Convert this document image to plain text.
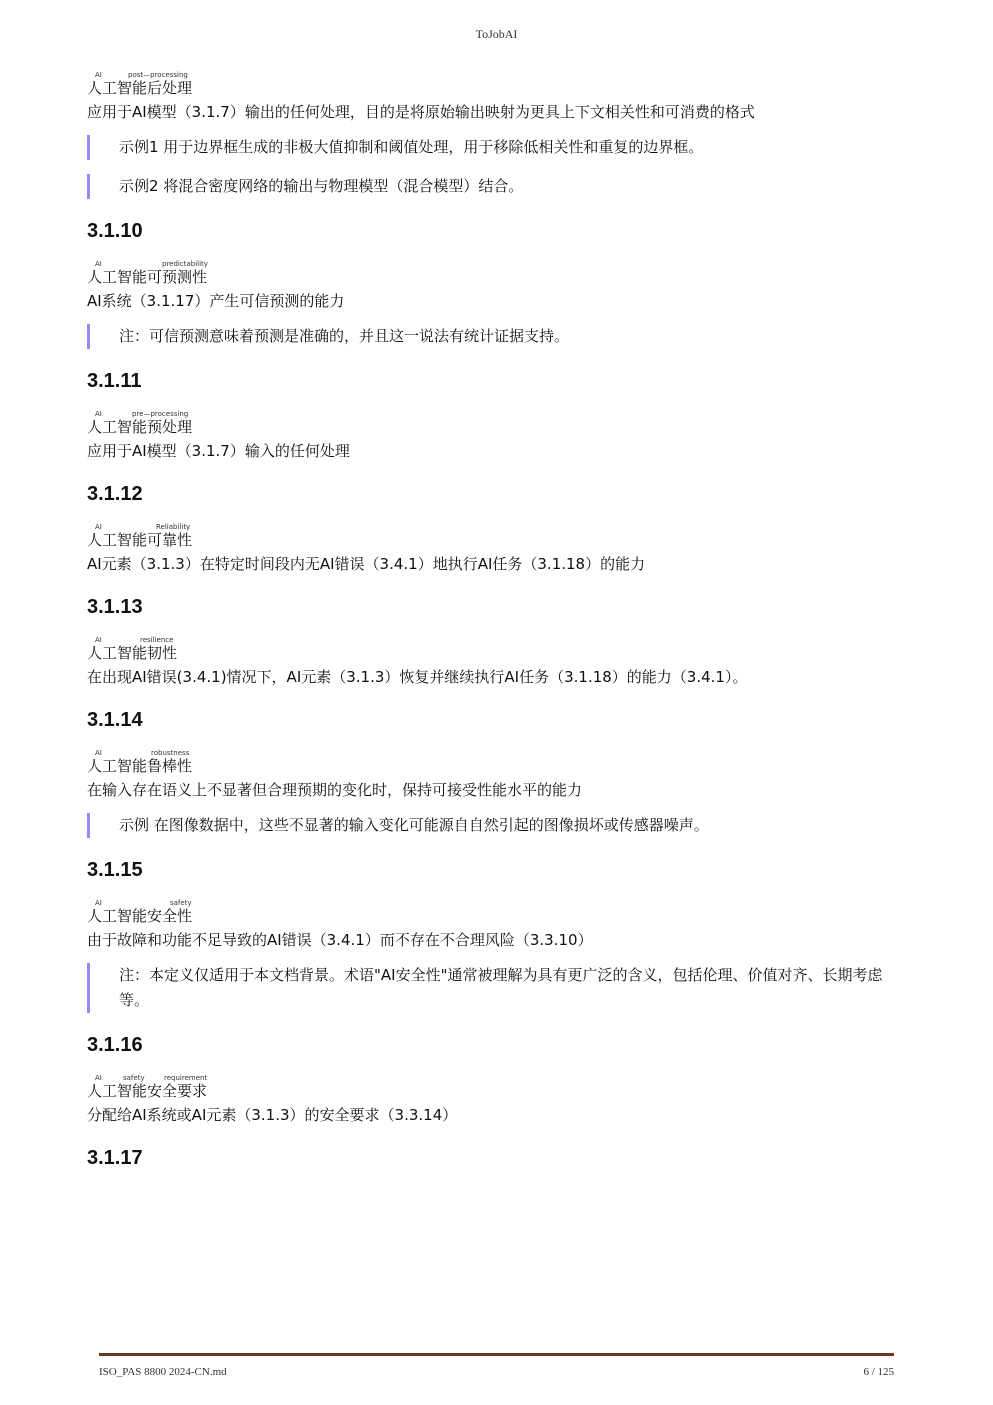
ToJobAI
AI	post—processing
人工智能后处理
应用于AI模型（3.1.7）输出的任何处理，目的是将原始输出映射为更具上下文相关性和可消费的格式
示例1 用于边界框生成的非极大值抑制和阈值处理，用于移除低相关性和重复的边界框。
示例2 将混合密度网络的输出与物理模型（混合模型）结合。
3.1.10
AI	predictability
人工智能可预测性
AI系统（3.1.17）产生可信预测的能力
注：可信预测意味着预测是准确的，并且这一说法有统计证据支持。
3.1.11
AI	pre—processing
人工智能预处理
应用于AI模型（3.1.7）输入的任何处理
3.1.12
AI	Reliability
人工智能可靠性
AI元素（3.1.3）在特定时间段内无AI错误（3.4.1）地执行AI任务（3.1.18）的能力
3.1.13
AI	resilience
人工智能韧性
在出现AI错误(3.4.1)情况下，AI元素（3.1.3）恢复并继续执行AI任务（3.1.18）的能力（3.4.1）。
3.1.14
AI	robustness
人工智能鲁棒性
在输入存在语义上不显著但合理预期的变化时，保持可接受性能水平的能力
示例 在图像数据中，这些不显著的输入变化可能源自自然引起的图像损坏或传感器噪声。
3.1.15
AI	safety
人工智能安全性
由于故障和功能不足导致的AI错误（3.4.1）而不存在不合理风险（3.3.10）
注：本定义仅适用于本文档背景。术语"AI安全性"通常被理解为具有更广泛的含义，包括伦理、价值对齐、长期考虑等。
3.1.16
AI	safety	requirement
人工智能安全要求
分配给AI系统或AI元素（3.1.3）的安全要求（3.3.14）
3.1.17
ISO_PAS 8800 2024-CN.md	6 / 125
